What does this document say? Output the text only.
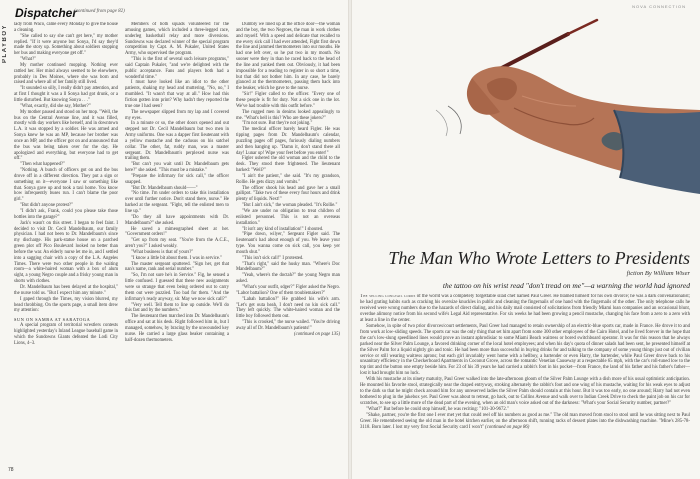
PLAYBOY
Dispatcher
(continued from page 82)

lady from Waco, came every Monday to give the house a cleaning.

"She called to say she can't get here," my mother replied. "If it were anyone but Sonya, I'd say they'd made the story up. Something about soldiers stopping her bus and making everyone get off."

"What?"

My mother continued mopping. Nothing ever rattled her. Her mind always seemed to be elsewhere, probably in Des Moines, where she was born and raised and where all of her family still lived.

"It sounded so silly, I really didn't pay attention, and at first I thought it was a ll Sonya had got drunk, or a little disturbed. But knowing Sonya . . ."

"What, exactly, did she say, Mother?"

My mother paused and stood on her mop. "Well, the bus on the Central Avenue line, and it was filled, mostly with day workers like herself, and in downtown L.A. it was stopped by a soldier. He was armed and Sonya knew he was an MP, because her brother was once an MP, and the officer got on and announced that the bus was being taken over for the day. He apologized and everything, but everyone had to get off."

"Then what happened?"

"Nothing. A bunch of officers got on and the bus drove off in a different direction. They put a sign or something on it—everyone I saw or something like that. Sonya gave up and took a taxi home. You know how infrequently buses run. I can't blame the poor girl."

"But didn't anyone protest?"

"I didn't ask, Frank, could you please take those bottles into the garage?"

Jack's wasn't on this street. I began to feel faint. I decided to visit Dr. Cecil Mandelbaum, our family physician. I had not been to Dr. Mandelbaum's since my discharge. His park-statue house on a parched green plot off Pico Boulevard looked no better than before the war. An elderly nurse let me in, and I settled into a sagging chair with a copy of the L.A. Angeles Times. There were two other people in the waiting room—a white-haired woman with a box of alum sight, a young Negro couple and a frisky young man in shorts with clothes.

Dr. Mandelbaum has been delayed at the hospital," the nurse told us. "But I expect him any minute."

I gaped through the Times, my vision blurred, my head throbbing. On the sports page, a small item drew my attention:

SUN ON SAMBA AT SARATOGA

A special program of territorial wrestlers contests highlighted yesterday's Inland League baseball game in which the Sundowns Giants defeated the Lodi City Lions, 4–3.

Members of both squads volunteered for the amusing games, which included a three-legged race, underleg basketball relay and more diversions. Sundowns was declared winner of the special program competition by Capt. A. M. Pukaler, United States Army, who supervised the program.

"This is the first of several such leisure programs," said Captain Pukaler, "and we're delighted with the public acceptance. Fans and players both had a wonderful time."

I must have looked like an idiot to the other patients, shaking my head and muttering, "No, no," I mumbled. "It wasn't that way at all." How had this fiction gotten into print? Why hadn't they reported the true one I had seen?

The newspaper slipped from my lap and I covered my eyes.

In a minute or so, the other doors opened and out stepped not Dr. Cecil Mandelbaum but two men in Army uniforms. One was a dapper first lieutenant with a yellow mustache and the cadusus on his satchel collar. The other, fat, ruddy man, was a master sergeant. Dr. Mandelbaum's perplexed nurse was trailing them.

"But can't you wait until Dr. Mandelbaum gets here?" she asked. "This must be a mistake."

"Prepare the infirmary for sick call," the officer snapped.

"But Dr. Mandelbaum should——"

"No time. I'm under orders to take this installation over until further notice. Don't stand there, nurse." He barked at the sergeant. "Fight, tell the enlisted men to line up."

"Do they all have appointments with Dr. Mandelbaum?" she asked.

He saved a mimeographed sheet at her. "Government orders!"

"Get up from my seat. "You're from the A.C.E., aren't you?" I asked weakly.

"What business is that of yours?"

"I know a little bit about them. I was in service."

The master sergeant sputtered. "Sign her, get that nan's name, rank and serial number."

"So, I'm not sure he's in Service." Fig, he sensed a little confused. I guessed that these new assignments were so strange that even being ordered out to carry them out were puzzled. Too bad for them. "And the infirmary's ready anyway, sir. May we now sick call?"

"Very well. Tell them to line up outside. We'll do this fast and by the numbers."

The lieutenant then marched into Dr. Mandelbaum's office and sat at his desk. Right followed him in, but I managed, somehow, by bracing by the unwounded key nurse. He carried a large glass beaker containing a half-dozen thermometers.

Dumbly we lined up at the office door—the woman and the boy, the two Negroes, the man in work clothes and myself. With a speed and delicate that recalled to me every sick call I had ever attended, Fight first down the line and jammed thermometers into our mouths. He had one left over, so he put two in my mouth. No sooner were they in than he raced back to the head of the line and yanked them out. Obviously, it had been impossible for a reading to register in so short a time, but that did not bother him. In any case, he barely glanced at the thermometers, passing them back into the beaker, which he gave to the nurse.

"Sir!" Figler called to the officer. "Every one of these people is fit for duty. Not a sick one in the lot. We've had trouble with this outfit before."

The rugged men in denims looked appealingly to me. "What's hell is this? Who are these jokers?"

"I'm not sure. But they're not joking."

The medical officer barely heard Figler. He was tipping pages from Dr. Mandelbaum's calendar, puzzling pages off pages, furiously dialing numbers and then hanging up. "Damn it, don't stand there all day! Lunar up! Wipe your feet before you enter!"

Figler ushered the old woman and the child to the desk. They stood there frightened. The lieutenant barked: "Well?"

"I ain't the patient," she said. "It's my grandson, Rollie. He gets dizzy and vomits."

The officer shook his head and gave her a small gallipot. "Take two of these every four hours and drink plenty of liquids. Next!"

"But I ain't sick," the woman pleaded. "It's Rollie."

"We are under no obligation to treat children of enlisted personnel. This is not an overseas installation."

"It isn't any kind of installation!" I shouted.

"Pipe down, wilyer," Sergeant Figler said. The lieutenant's had about enough of you. We leave your type. You wanna come on sick call, you keep yer mouth shut."

"This isn't sick call!" I protested.

"That's right," said the husky man. "Where's Doc Mandelbaum?"

"Yeah, where's the doctah?" the young Negro man asked.

"What's your outfit, sdger?" Figler asked the Negro. "Labor battalion? One of them troublemakers?"

"Labah battalion?" He grabbed his wife's arm. "Let's get outa heah, I don't need no kin sick call." They left quickly. The white-haired woman and the little boy followed them out.

"This is crooked," the nurse wailed. "You're driving away all of Dr. Mandelbaum's patients!"

(continued on page 135)

78
NOVA CONNECTION
The Man Who Wrote Letters to Presidents
fiction By William Wiser
the tattoo on his wrist read "don't tread on me"—a warning the world had ignored

The selling longtail lords of the world was a completely forgettable silad chef named Paul Greer. He blamed himself for his own divorce; he was a dark convenationalist; he had grating habits such as cracking his oversize knuckles in public and cleaning the fingernails of one hand with the fingernails of the other. The only telephone calls he received were wrong numbers due to the hazards of direct dialing, and his daily mail consisted of solicitations from friendly Miami loan companies and an occasional blunt, overdue alimony notice from his second wife's Legal Aid representative. For six weeks he had been growing a pencil mustache, changing his face from a zero to a zero with at least a line in the center.

Somehow, in spite of two prior divorces/court settlements, Paul Greer had managed to retain ownership of an electric-blue sports car, made in France. He drove it to and from work at low-sliding speeds. The sports car was the only thing that set him apart from some 300 other employees of the Cairo Hotel, and he lived forever in the hope that the car's low-slung speedlined lines would prove an instant aphrodisiac to some Miami Beach waitress or bored switchboard operator. It was for this reason that he always parked near the Silver Palm Lounge, a favored drinking corner of the local hotel employees; and when his day's quota of dinner salads had been sent, he presented himself at the Silver Palm for a liquid nightly gin and tonic. He had been more than successful in buying drinks for and talking to the company of some young things just out of civilian service or still wearing waitress aprons; but each girl invariably went home with a hellboy, a bartender or even Harry, the bartender, while Paul Greer drove back to his unsanitary efficiency in the Checkerboard Apartments in Coconut Grove, across the romantic Venetian Causeway at a respectable 65 mph, with the car's roll-tuned low to the top tint and the button one empty beside him. For 23 of his 39 years he had carried a rabbit's foot in his pocket—from France, the land of his father and his father's father—lost it had brought him no luck.

With his mustache at its ninety maturity, Paul Greer walked into the late-afternoon gloom of the Silver Palm Lounge with a dish more of his usual optimistic anticipation. He mounted his favorite stool, strategically near the draped entryway, stroking alternately the rabbit's foot and one wing of his mustache, waiting for his weak eyes to adjust to the dark so that he might check around him for any unreserved ladies the Silver Palm should contain at this hour. But it was too early, no one around; Harry had not even bothered to plug in the jukebox yet. Paul Greer was about to retreat, go back, out to Collins Avenue and walk over to Indian Creek Drive to check the paint job on his car for scratches, to see up a little more of the dead part of the evening, when an old man's voice asked out of the darkness: "What's your Social Security number, partner?"

"What?" But before he could stop himself, he was reciting: "101-30-9672."

"Shake, partner, you're the first one I ever met yet that could reel off his numbers as good as me." The old man moved from stool to stool until he was sitting next to Paul Greer. He remembered seeing the old man in the hotel kitchen earlier, on the afternoon shift, running racks of dessert plates into the dishwashing machine. "Mine's 285-78-3118. Born later. I lost my very first Social Security card I won't" (continued on page 86)
